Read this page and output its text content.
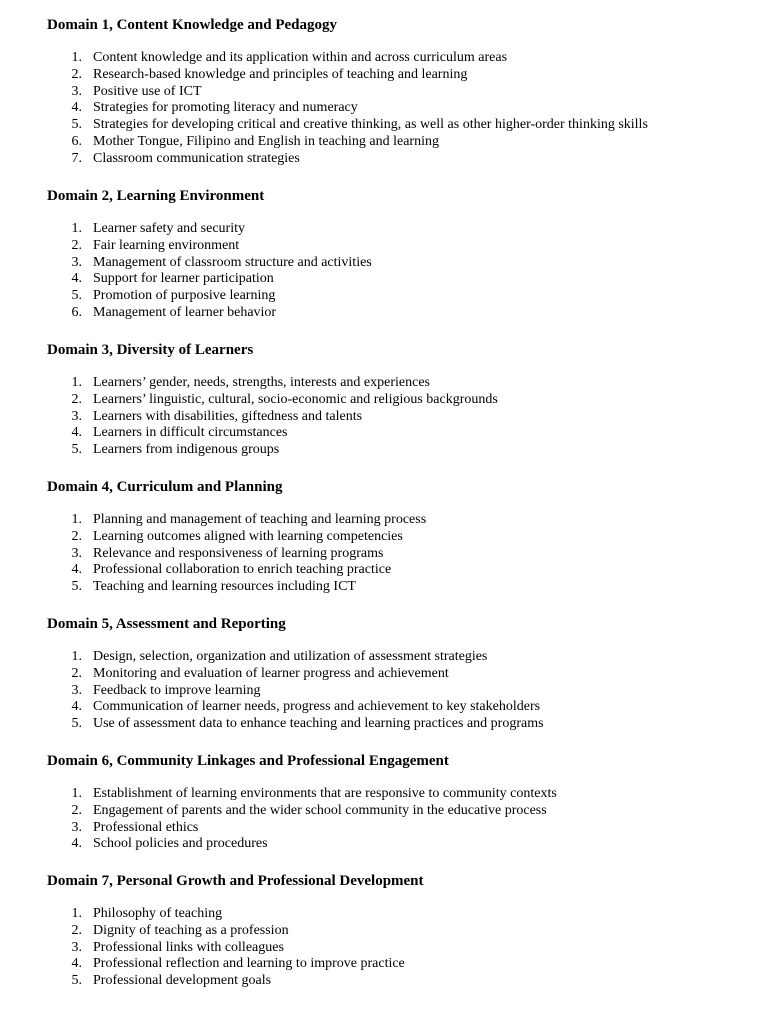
Domain 1, Content Knowledge and Pedagogy
1. Content knowledge and its application within and across curriculum areas
2. Research-based knowledge and principles of teaching and learning
3. Positive use of ICT
4. Strategies for promoting literacy and numeracy
5. Strategies for developing critical and creative thinking, as well as other higher-order thinking skills
6. Mother Tongue, Filipino and English in teaching and learning
7. Classroom communication strategies
Domain 2, Learning Environment
1. Learner safety and security
2. Fair learning environment
3. Management of classroom structure and activities
4. Support for learner participation
5. Promotion of purposive learning
6. Management of learner behavior
Domain 3, Diversity of Learners
1. Learners’ gender, needs, strengths, interests and experiences
2. Learners’ linguistic, cultural, socio-economic and religious backgrounds
3. Learners with disabilities, giftedness and talents
4. Learners in difficult circumstances
5. Learners from indigenous groups
Domain 4, Curriculum and Planning
1. Planning and management of teaching and learning process
2. Learning outcomes aligned with learning competencies
3. Relevance and responsiveness of learning programs
4. Professional collaboration to enrich teaching practice
5. Teaching and learning resources including ICT
Domain 5, Assessment and Reporting
1. Design, selection, organization and utilization of assessment strategies
2. Monitoring and evaluation of learner progress and achievement
3. Feedback to improve learning
4. Communication of learner needs, progress and achievement to key stakeholders
5. Use of assessment data to enhance teaching and learning practices and programs
Domain 6, Community Linkages and Professional Engagement
1. Establishment of learning environments that are responsive to community contexts
2. Engagement of parents and the wider school community in the educative process
3. Professional ethics
4. School policies and procedures
Domain 7, Personal Growth and Professional Development
1. Philosophy of teaching
2. Dignity of teaching as a profession
3. Professional links with colleagues
4. Professional reflection and learning to improve practice
5. Professional development goals
